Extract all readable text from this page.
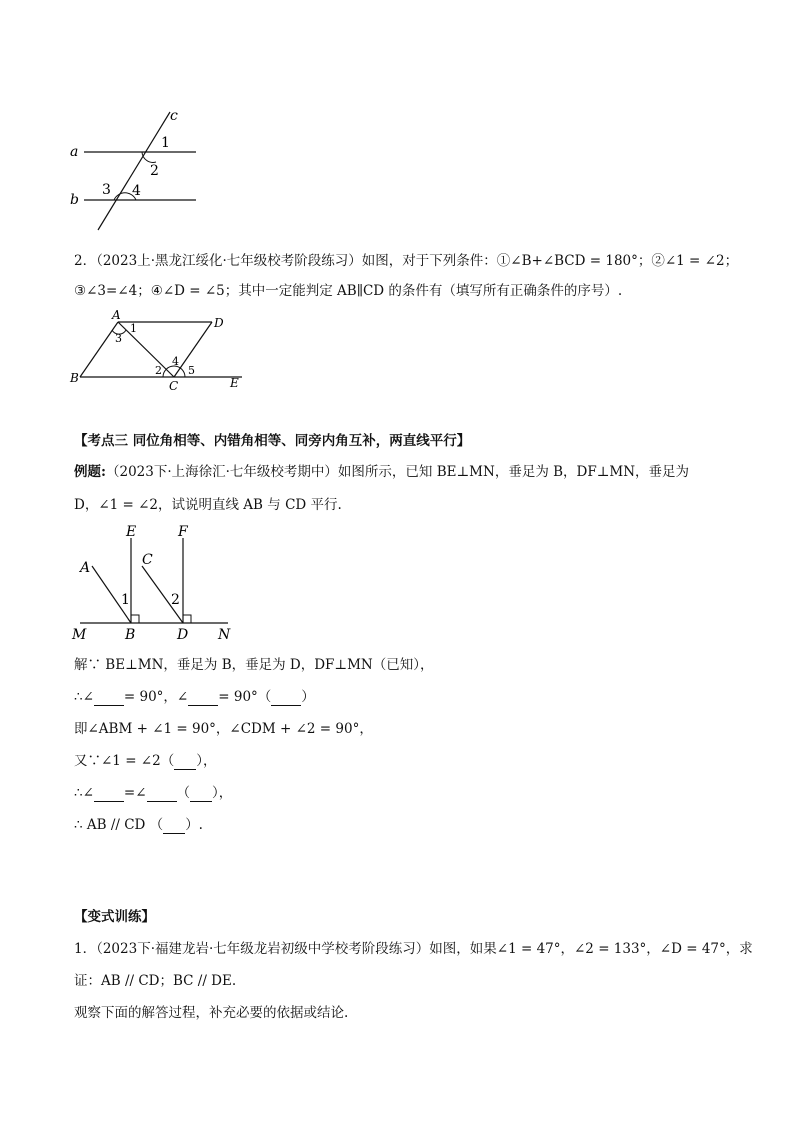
c
a
b
1
2
3 4
2．（2023上·黑龙江绥化·七年级校考阶段练习）如图，对于下列条件：①∠B+∠BCD = 180°；②∠1 = ∠2；
③∠3=∠4；④∠D = ∠5；其中一定能判定 AB∥CD 的条件有（填写所有正确条件的序号）.
A
D
B
C	E
1
3
2
4
5
【考点三 同位角相等、内错角相等、同旁内角互补，两直线平行】
例题:（2023下·上海徐汇·七年级校考期中）如图所示，已知 BE⊥MN，垂足为 B，DF⊥MN，垂足为
D，∠1 = ∠2，试说明直线 AB 与 CD 平行.
E	F
A	C
1	2
M	B	D N
解∵ BE⊥MN，垂足为 B，垂足为 D，DF⊥MN（已知），
∴∠ = 90°，∠ = 90°（ ）
即∠ABM + ∠1 = 90°，∠CDM + ∠2 = 90°，
又∵∠1 = ∠2（ ），
∴∠ =∠ （ ），
∴ AB // CD （ ）.
【变式训练】
1．（2023下·福建龙岩·七年级龙岩初级中学校考阶段练习）如图，如果∠1 = 47°，∠2 = 133°，∠D = 47°，求
证：AB // CD；BC // DE.
观察下面的解答过程，补充必要的依据或结论.
